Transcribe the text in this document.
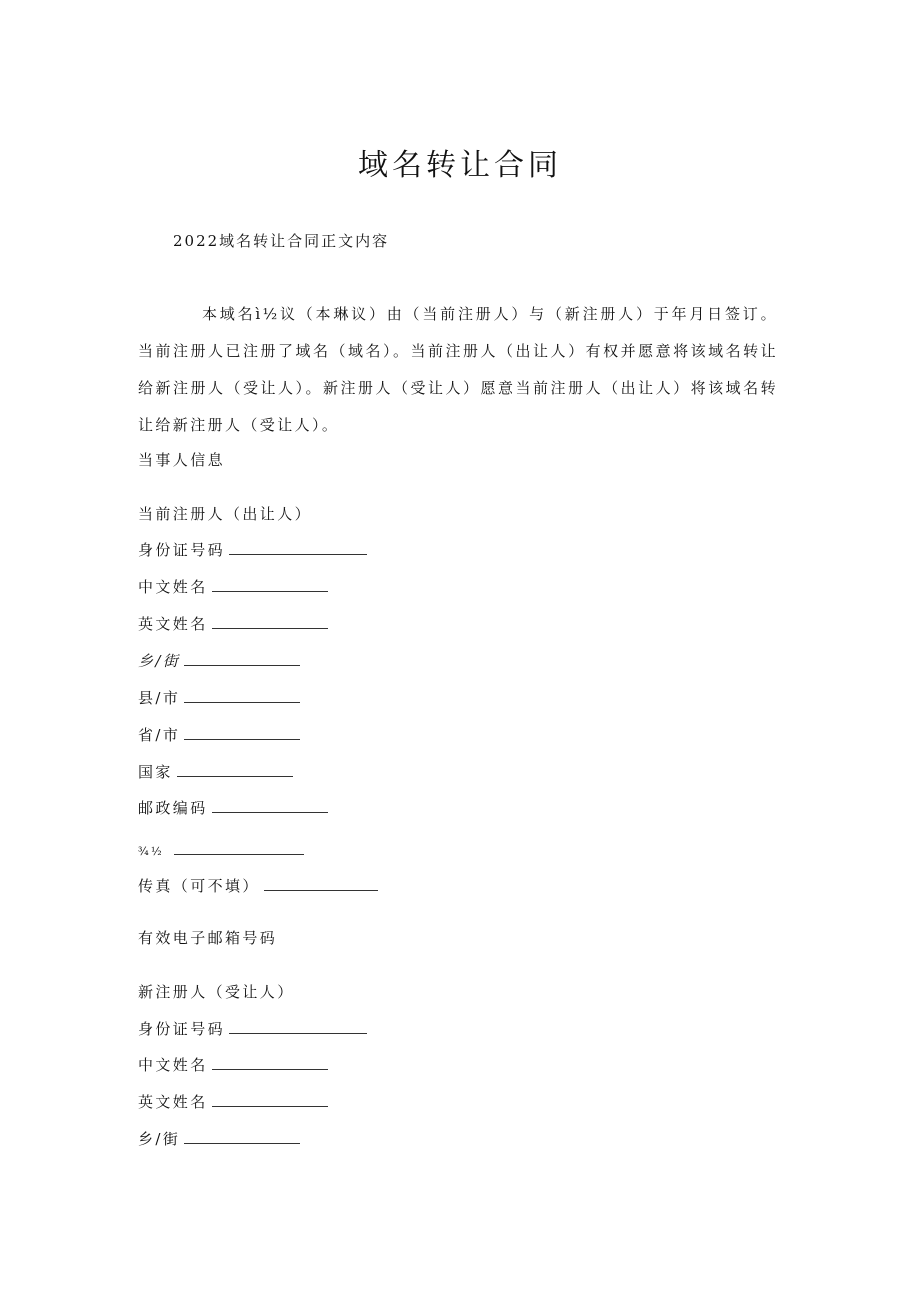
域名转让合同
2022域名转让合同正文内容

本域名ì½议（本琳议）由（当前注册人）与（新注册人）于年月日签订。当前注册人已注册了域名（域名）。当前注册人（出让人）有权并愿意将该域名转让给新注册人（受让人）。新注册人（受让人）愿意当前注册人（出让人）将该域名转让给新注册人（受让人）。

当事人信息
当前注册人（出让人）
身份证号码
中文姓名
英文姓名
乡/街
县/市
省/市
国家
邮政编码
¾½
传真（可不填）
有效电子邮箱号码
新注册人（受让人）
身份证号码
中文姓名
英文姓名
乡/街
